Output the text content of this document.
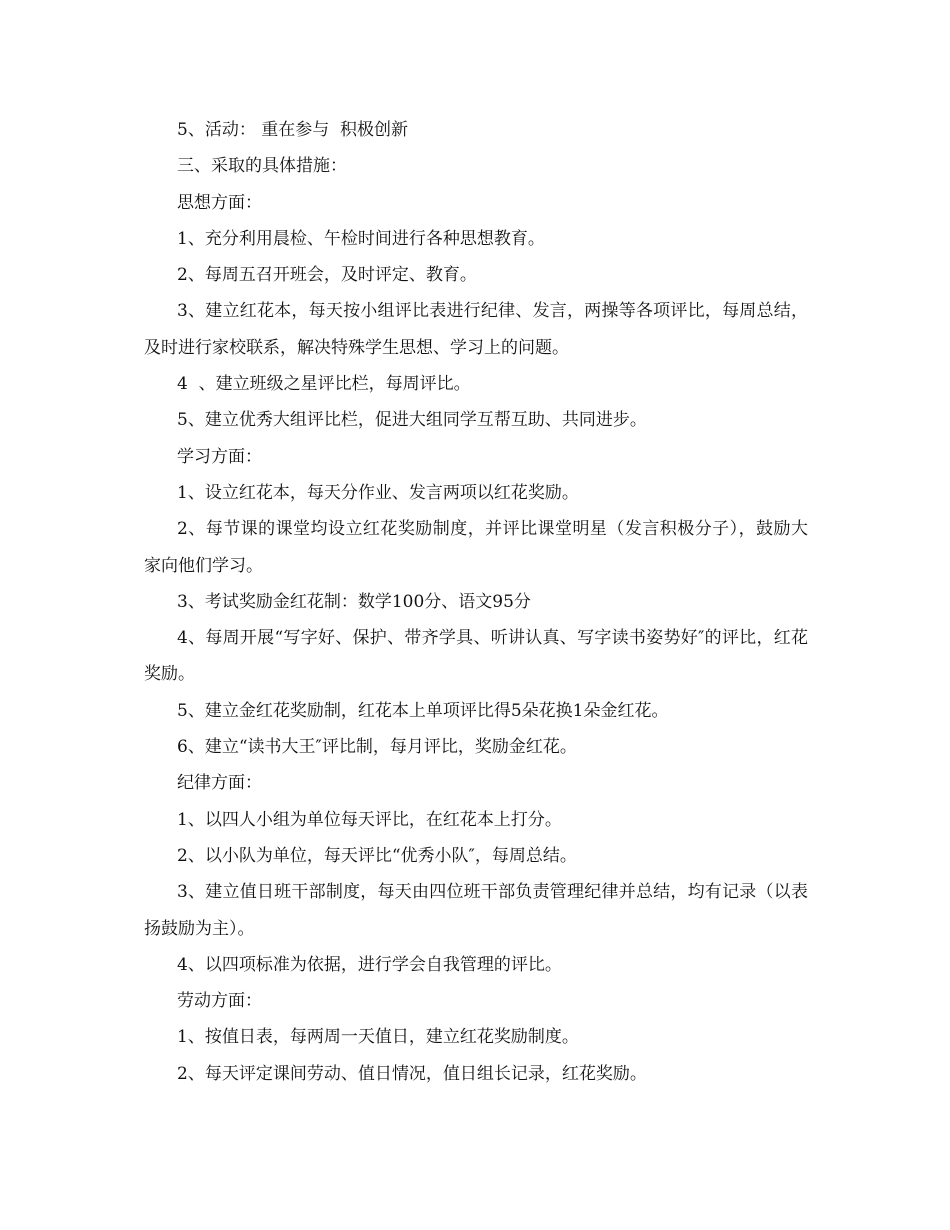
5、活动： 重在参与  积极创新

三、采取的具体措施：

思想方面：

1、充分利用晨检、午检时间进行各种思想教育。

2、每周五召开班会，及时评定、教育。

3、建立红花本，每天按小组评比表进行纪律、发言，两操等各项评比，每周总结，及时进行家校联系，解决特殊学生思想、学习上的问题。

4  、建立班级之星评比栏，每周评比。

5、建立优秀大组评比栏，促进大组同学互帮互助、共同进步。

学习方面：

1、设立红花本，每天分作业、发言两项以红花奖励。

2、每节课的课堂均设立红花奖励制度，并评比课堂明星（发言积极分子），鼓励大家向他们学习。

3、考试奖励金红花制：数学100分、语文95分

4、每周开展“写字好、保护、带齐学具、听讲认真、写字读书姿势好″的评比，红花奖励。

5、建立金红花奖励制，红花本上单项评比得5朵花换1朵金红花。

6、建立“读书大王″评比制，每月评比，奖励金红花。

纪律方面：

1、以四人小组为单位每天评比，在红花本上打分。

2、以小队为单位，每天评比“优秀小队″，每周总结。

3、建立值日班干部制度，每天由四位班干部负责管理纪律并总结，均有记录（以表扬鼓励为主）。

4、以四项标准为依据，进行学会自我管理的评比。

劳动方面：

1、按值日表，每两周一天值日，建立红花奖励制度。

2、每天评定课间劳动、值日情况，值日组长记录，红花奖励。
